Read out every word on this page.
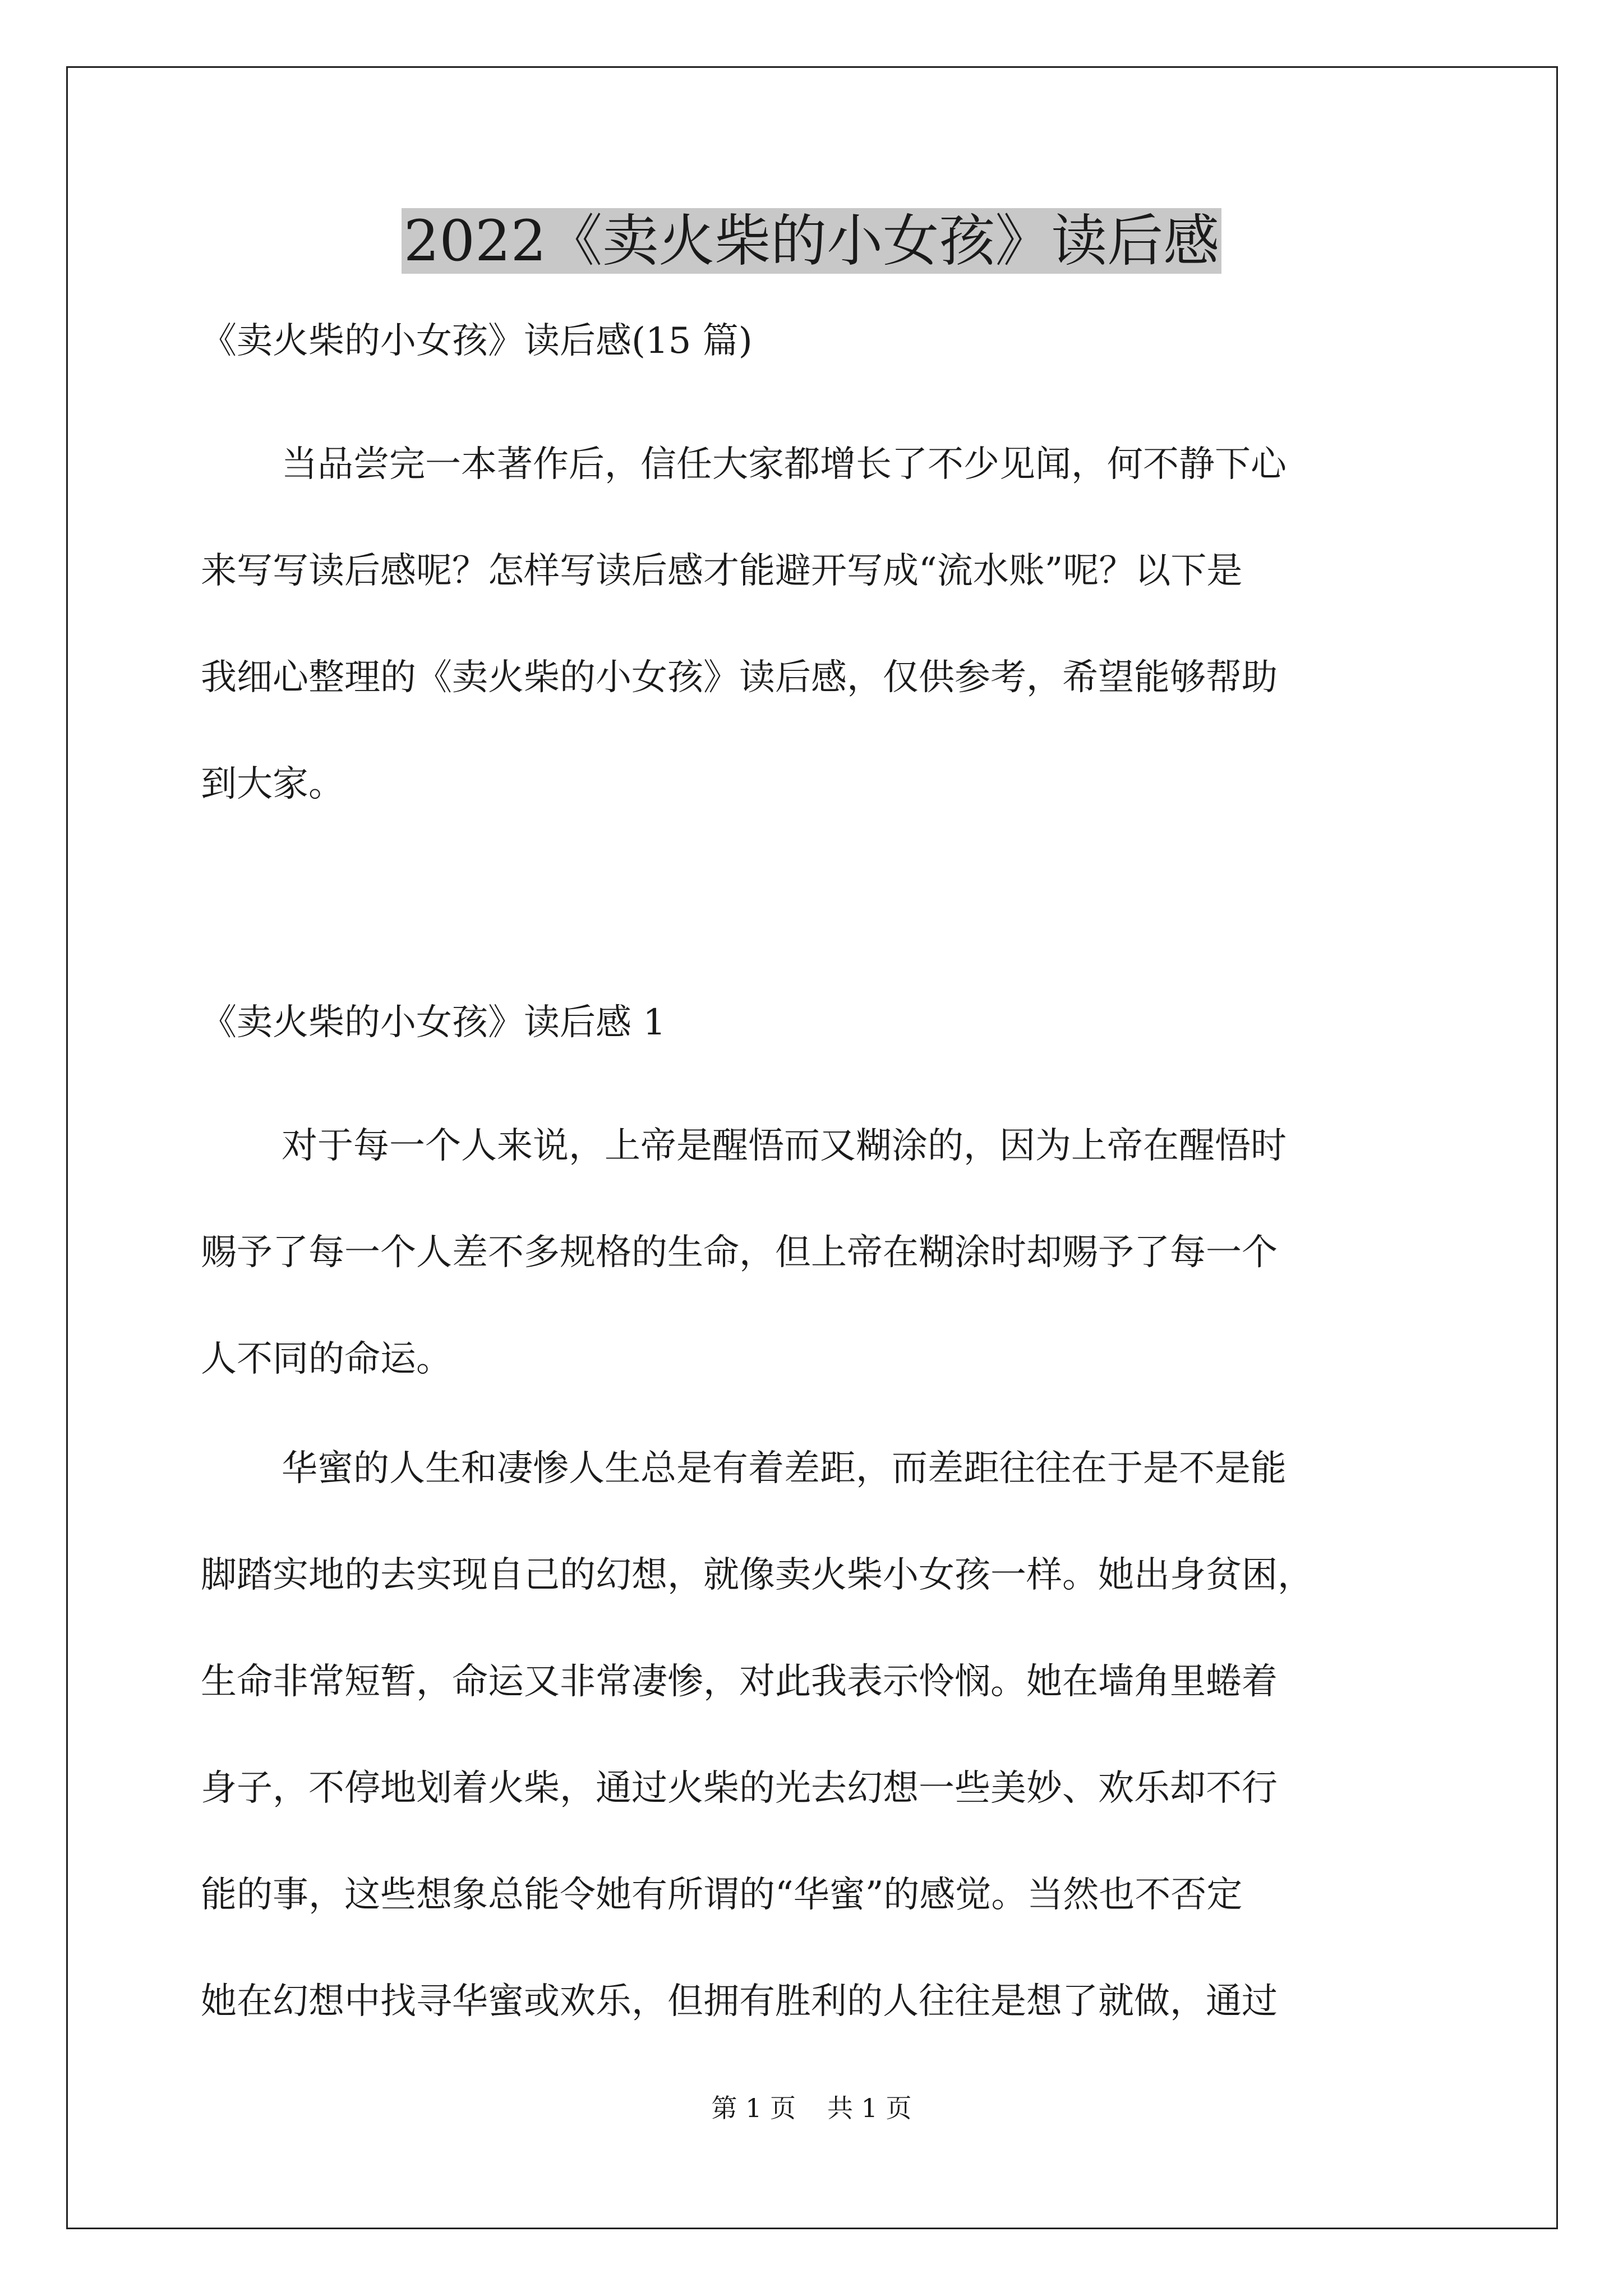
2022《卖火柴的小女孩》读后感
《卖火柴的小女孩》读后感(15 篇)
当品尝完一本著作后，信任大家都增长了不少见闻，何不静下心
来写写读后感呢？怎样写读后感才能避开写成“流水账”呢？以下是
我细心整理的《卖火柴的小女孩》读后感，仅供参考，希望能够帮助
到大家。
《卖火柴的小女孩》读后感 1
对于每一个人来说，上帝是醒悟而又糊涂的，因为上帝在醒悟时
赐予了每一个人差不多规格的生命，但上帝在糊涂时却赐予了每一个
人不同的命运。
华蜜的人生和凄惨人生总是有着差距，而差距往往在于是不是能
脚踏实地的去实现自己的幻想，就像卖火柴小女孩一样。她出身贫困，
生命非常短暂，命运又非常凄惨，对此我表示怜悯。她在墙角里蜷着
身子，不停地划着火柴，通过火柴的光去幻想一些美妙、欢乐却不行
能的事，这些想象总能令她有所谓的“华蜜”的感觉。当然也不否定
她在幻想中找寻华蜜或欢乐，但拥有胜利的人往往是想了就做，通过
第 1 页 共 1 页
